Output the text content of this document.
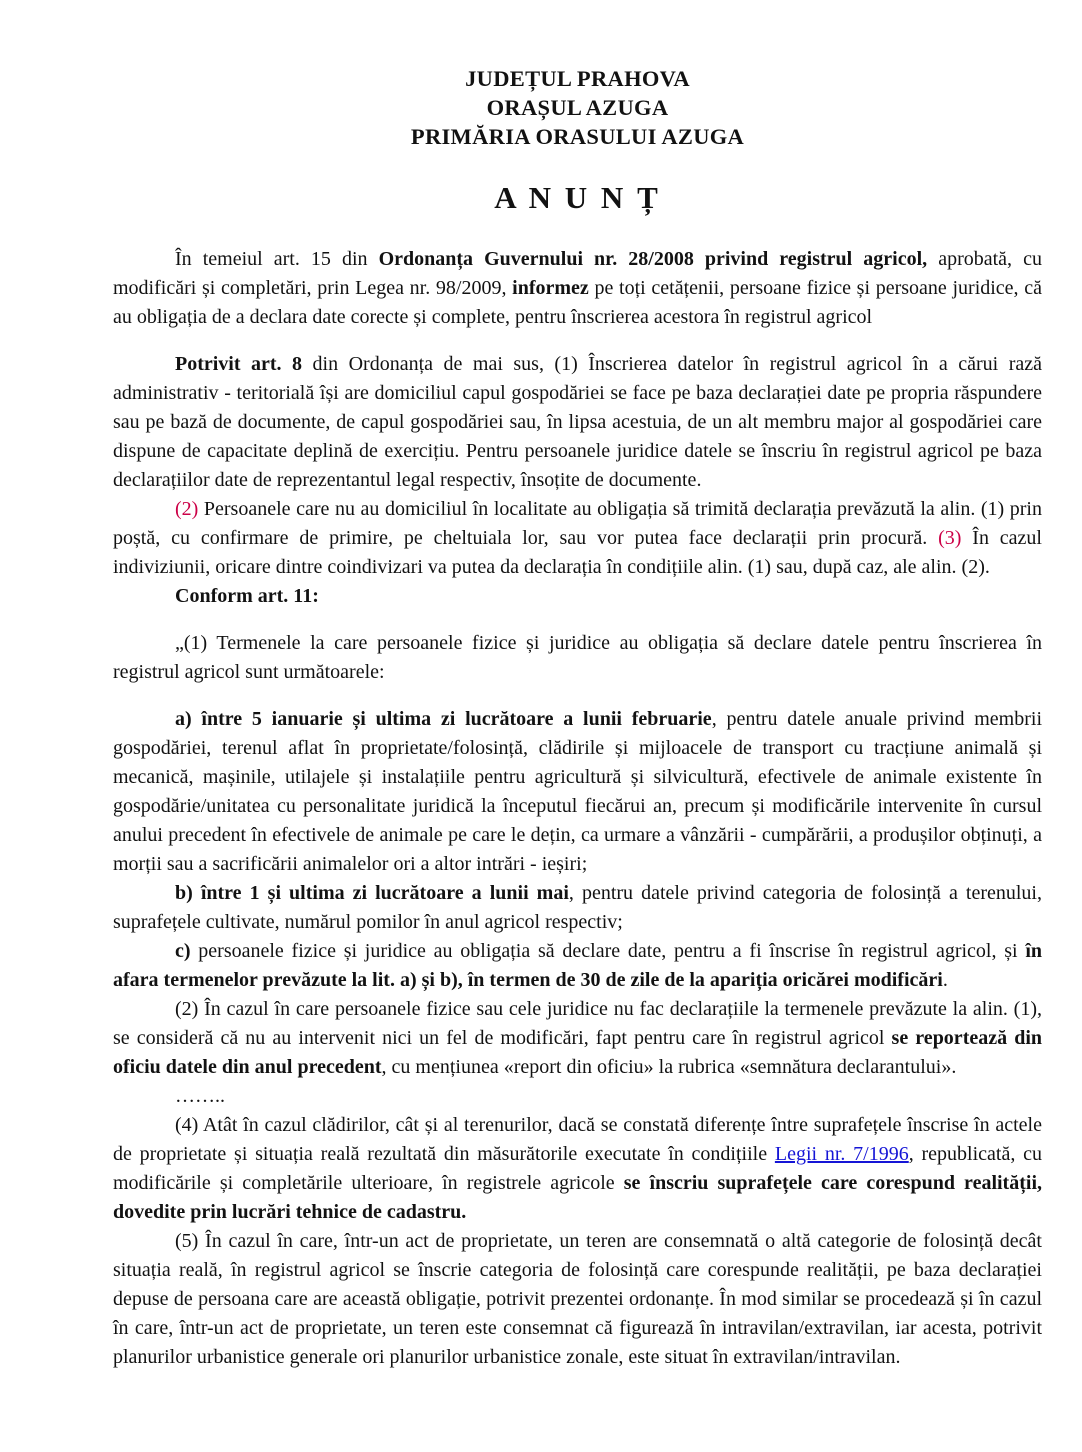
JUDEȚUL PRAHOVA
ORAȘUL AZUGA
PRIMĂRIA ORASULUI AZUGA
A N U N Ț

În temeiul art. 15 din Ordonanța Guvernului nr. 28/2008 privind registrul agricol, aprobată, cu modificări și completări, prin Legea nr. 98/2009, informez pe toți cetățenii, persoane fizice și persoane juridice, că au obligația de a declara date corecte și complete, pentru înscrierea acestora în registrul agricol

Potrivit art. 8 din Ordonanța de mai sus, (1) Înscrierea datelor în registrul agricol în a cărui rază administrativ - teritorială își are domiciliul capul gospodăriei se face pe baza declarației date pe propria răspundere sau pe bază de documente, de capul gospodăriei sau, în lipsa acestuia, de un alt membru major al gospodăriei care dispune de capacitate deplină de exercițiu. Pentru persoanele juridice datele se înscriu în registrul agricol pe baza declarațiilor date de reprezentantul legal respectiv, însoțite de documente.

(2) Persoanele care nu au domiciliul în localitate au obligația să trimită declarația prevăzută la alin. (1) prin poștă, cu confirmare de primire, pe cheltuiala lor, sau vor putea face declarații prin procură. (3) În cazul indiviziunii, oricare dintre coindivizari va putea da declarația în condițiile alin. (1) sau, după caz, ale alin. (2).

Conform art. 11:

„(1) Termenele la care persoanele fizice și juridice au obligația să declare datele pentru înscrierea în registrul agricol sunt următoarele:

a) între 5 ianuarie și ultima zi lucrătoare a lunii februarie, pentru datele anuale privind membrii gospodăriei, terenul aflat în proprietate/folosință, clădirile și mijloacele de transport cu tracțiune animală și mecanică, mașinile, utilajele și instalațiile pentru agricultură și silvicultură, efectivele de animale existente în gospodărie/unitatea cu personalitate juridică la începutul fiecărui an, precum și modificările intervenite în cursul anului precedent în efectivele de animale pe care le dețin, ca urmare a vânzării - cumpărării, a produșilor obținuți, a morții sau a sacrificării animalelor ori a altor intrări - ieșiri;

b) între 1 și ultima zi lucrătoare a lunii mai, pentru datele privind categoria de folosință a terenului, suprafețele cultivate, numărul pomilor în anul agricol respectiv;

c) persoanele fizice și juridice au obligația să declare date, pentru a fi înscrise în registrul agricol, și în afara termenelor prevăzute la lit. a) și b), în termen de 30 de zile de la apariția oricărei modificări.

(2) În cazul în care persoanele fizice sau cele juridice nu fac declarațiile la termenele prevăzute la alin. (1), se consideră că nu au intervenit nici un fel de modificări, fapt pentru care în registrul agricol se reportează din oficiu datele din anul precedent, cu mențiunea «report din oficiu» la rubrica «semnătura declarantului».

……..

(4) Atât în cazul clădirilor, cât și al terenurilor, dacă se constată diferențe între suprafețele înscrise în actele de proprietate și situația reală rezultată din măsurătorile executate în condițiile Legii nr. 7/1996, republicată, cu modificările și completările ulterioare, în registrele agricole se înscriu suprafețele care corespund realității, dovedite prin lucrări tehnice de cadastru.

(5) În cazul în care, într-un act de proprietate, un teren are consemnată o altă categorie de folosință decât situația reală, în registrul agricol se înscrie categoria de folosință care corespunde realității, pe baza declarației depuse de persoana care are această obligație, potrivit prezentei ordonanțe. În mod similar se procedează și în cazul în care, într-un act de proprietate, un teren este consemnat că figurează în intravilan/extravilan, iar acesta, potrivit planurilor urbanistice generale ori planurilor urbanistice zonale, este situat în extravilan/intravilan.
